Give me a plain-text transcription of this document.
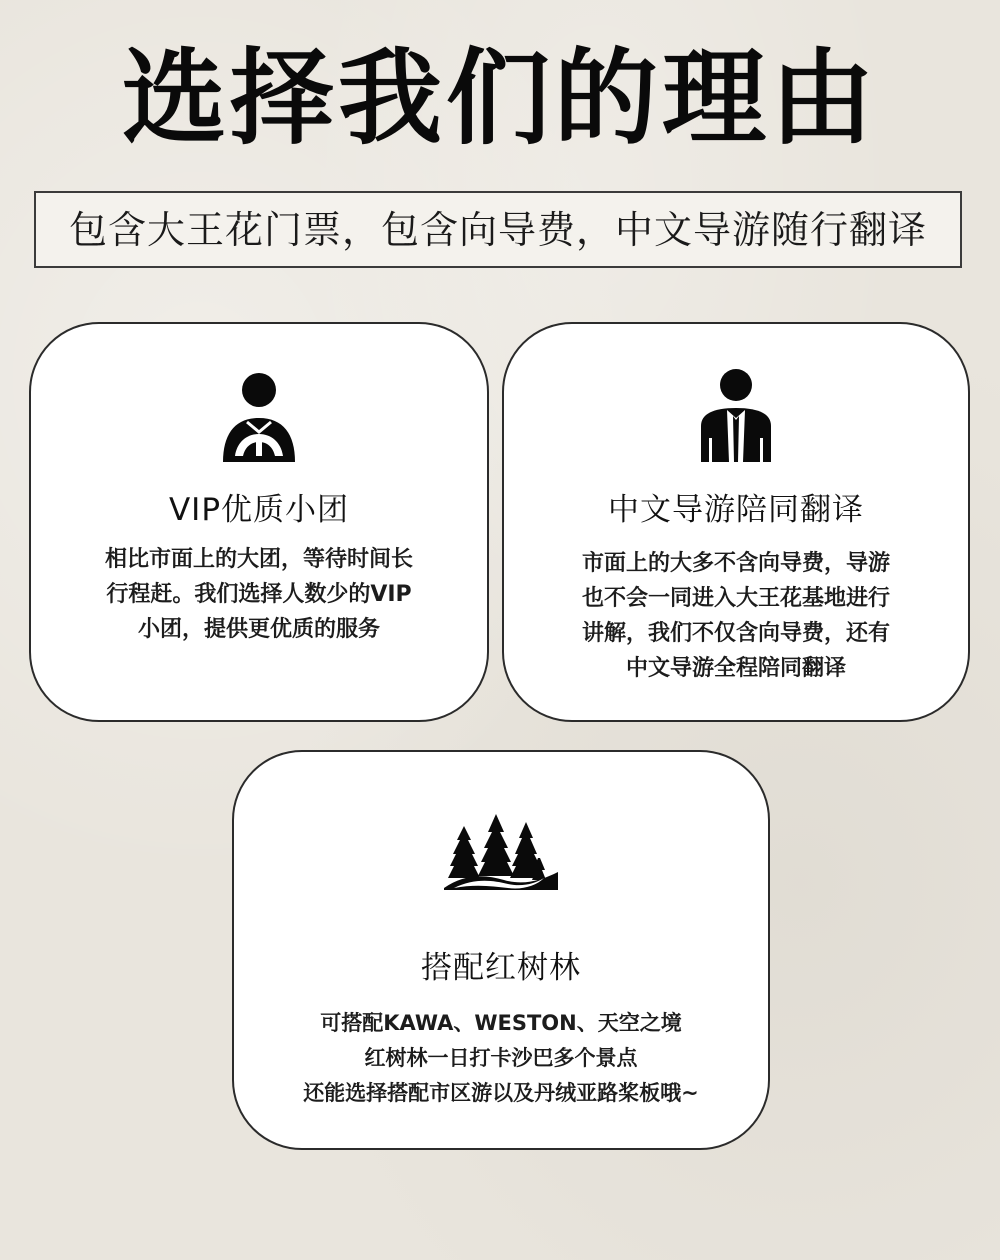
选择我们的理由
包含大王花门票，包含向导费，中文导游随行翻译
VIP优质小团
相比市面上的大团，等待时间长
行程赶。我们选择人数少的VIP
小团，提供更优质的服务
中文导游陪同翻译
市面上的大多不含向导费，导游
也不会一同进入大王花基地进行
讲解，我们不仅含向导费，还有
中文导游全程陪同翻译
搭配红树林
可搭配KAWA、WESTON、天空之境
红树林一日打卡沙巴多个景点
还能选择搭配市区游以及丹绒亚路桨板哦~
